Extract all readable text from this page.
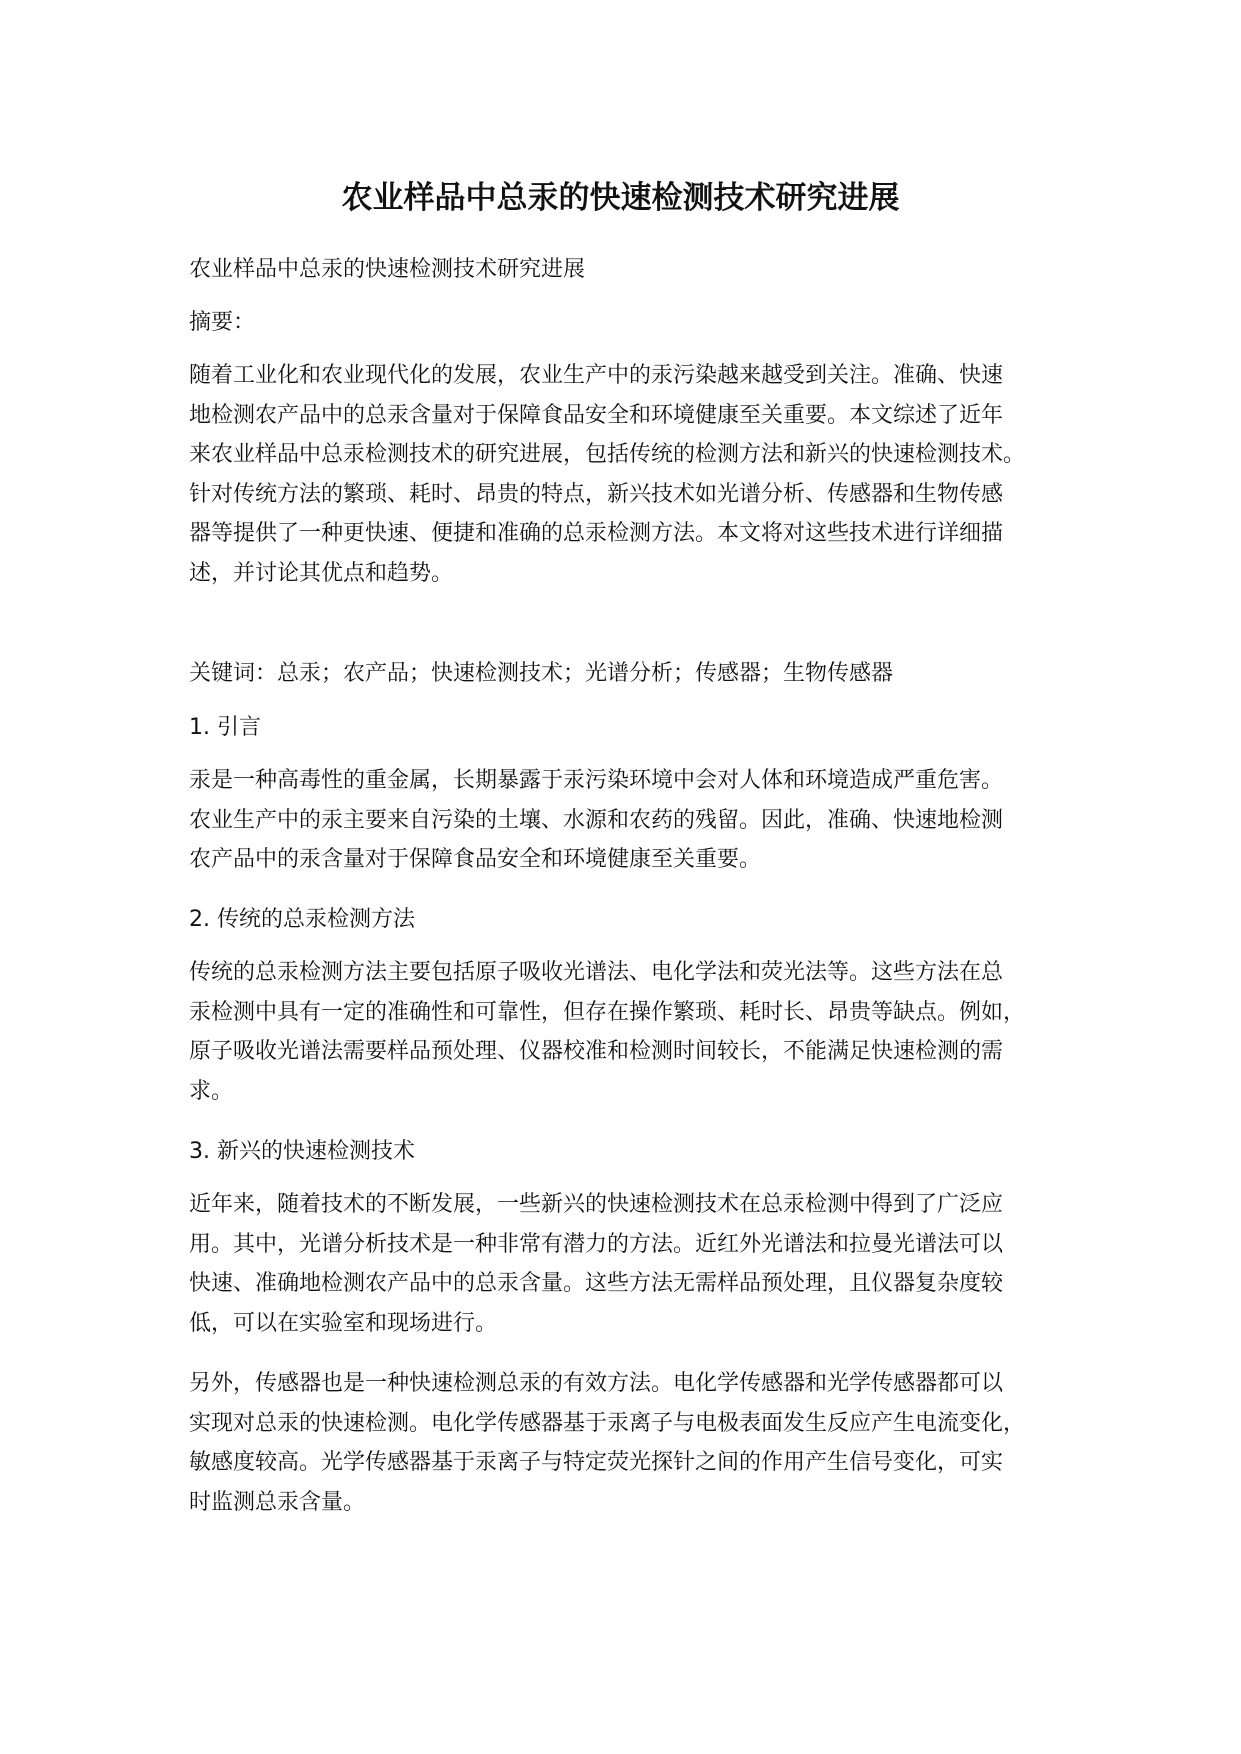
农业样品中总汞的快速检测技术研究进展

农业样品中总汞的快速检测技术研究进展

摘要：

随着工业化和农业现代化的发展，农业生产中的汞污染越来越受到关注。准确、快速
地检测农产品中的总汞含量对于保障食品安全和环境健康至关重要。本文综述了近年
来农业样品中总汞检测技术的研究进展，包括传统的检测方法和新兴的快速检测技术。
针对传统方法的繁琐、耗时、昂贵的特点，新兴技术如光谱分析、传感器和生物传感
器等提供了一种更快速、便捷和准确的总汞检测方法。本文将对这些技术进行详细描
述，并讨论其优点和趋势。

关键词：总汞；农产品；快速检测技术；光谱分析；传感器；生物传感器

1. 引言

汞是一种高毒性的重金属，长期暴露于汞污染环境中会对人体和环境造成严重危害。
农业生产中的汞主要来自污染的土壤、水源和农药的残留。因此，准确、快速地检测
农产品中的汞含量对于保障食品安全和环境健康至关重要。

2. 传统的总汞检测方法

传统的总汞检测方法主要包括原子吸收光谱法、电化学法和荧光法等。这些方法在总
汞检测中具有一定的准确性和可靠性，但存在操作繁琐、耗时长、昂贵等缺点。例如，
原子吸收光谱法需要样品预处理、仪器校准和检测时间较长，不能满足快速检测的需
求。

3. 新兴的快速检测技术

近年来，随着技术的不断发展，一些新兴的快速检测技术在总汞检测中得到了广泛应
用。其中，光谱分析技术是一种非常有潜力的方法。近红外光谱法和拉曼光谱法可以
快速、准确地检测农产品中的总汞含量。这些方法无需样品预处理，且仪器复杂度较
低，可以在实验室和现场进行。
另外，传感器也是一种快速检测总汞的有效方法。电化学传感器和光学传感器都可以
实现对总汞的快速检测。电化学传感器基于汞离子与电极表面发生反应产生电流变化，
敏感度较高。光学传感器基于汞离子与特定荧光探针之间的作用产生信号变化，可实
时监测总汞含量。
